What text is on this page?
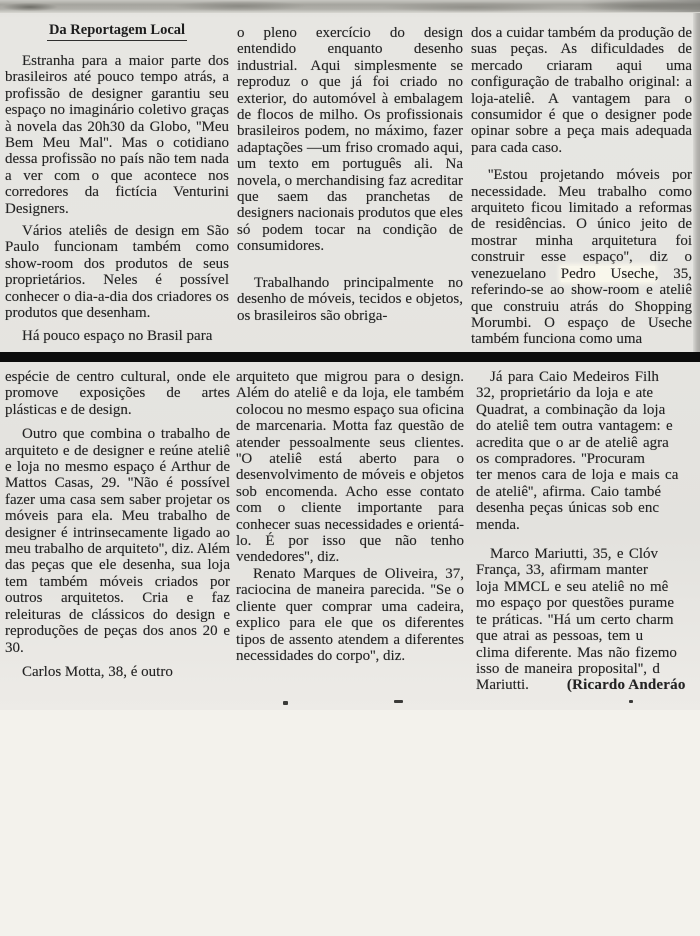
Da Reportagem Local

Estranha para a maior parte dos brasileiros até pouco tempo atrás, a profissão de designer garantiu seu espaço no imaginário coletivo graças à novela das 20h30 da Globo, ''Meu Bem Meu Mal''. Mas o cotidiano dessa profissão no país não tem nada a ver com o que acontece nos corredores da fictícia Venturini Designers.

Vários ateliês de design em São Paulo funcionam também como show-room dos produtos de seus proprietários. Neles é possível conhecer o dia-a-dia dos criadores os produtos que desenham.

Há pouco espaço no Brasil para

o pleno exercício do design entendido enquanto desenho industrial. Aqui simplesmente se reproduz o que já foi criado no exterior, do automóvel à embalagem de flocos de milho. Os profissionais brasileiros podem, no máximo, fazer adaptações —um friso cromado aqui, um texto em português ali. Na novela, o merchandising faz acreditar que saem das pranchetas de designers nacionais produtos que eles só podem tocar na condição de consumidores.

Trabalhando principalmente no desenho de móveis, tecidos e objetos, os brasileiros são obriga-

dos a cuidar também da produção de suas peças. As dificuldades de mercado criaram aqui uma configuração de trabalho original: a loja-ateliê. A vantagem para o consumidor é que o designer pode opinar sobre a peça mais adequada para cada caso.

''Estou projetando móveis por necessidade. Meu trabalho como arquiteto ficou limitado a reformas de residências. O único jeito de mostrar minha arquitetura foi construir esse espaço'', diz o venezuelano Pedro Useche, 35, referindo-se ao show-room e ateliê que construiu atrás do Shopping Morumbi. O espaço de Useche também funciona como uma

espécie de centro cultural, onde ele promove exposições de artes plásticas e de design.

Outro que combina o trabalho de arquiteto e de designer e reúne ateliê e loja no mesmo espaço é Arthur de Mattos Casas, 29. ''Não é possível fazer uma casa sem saber projetar os móveis para ela. Meu trabalho de designer é intrinsecamente ligado ao meu trabalho de arquiteto'', diz. Além das peças que ele desenha, sua loja tem também móveis criados por outros arquitetos. Cria e faz releituras de clássicos do design e reproduções de peças dos anos 20 e 30.

Carlos Motta, 38, é outro

arquiteto que migrou para o design. Além do ateliê e da loja, ele também colocou no mesmo espaço sua oficina de marcenaria. Motta faz questão de atender pessoalmente seus clientes. ''O ateliê está aberto para o desenvolvimento de móveis e objetos sob encomenda. Acho esse contato com o cliente importante para conhecer suas necessidades e orientá-lo. É por isso que não tenho vendedores'', diz.

Renato Marques de Oliveira, 37, raciocina de maneira parecida. ''Se o cliente quer comprar uma cadeira, explico para ele que os diferentes tipos de assento atendem a diferentes necessidades do corpo'', diz.

Já para Caio Medeiros Filh
32, proprietário da loja e ate
Quadrat, a combinação da loja
do ateliê tem outra vantagem: e
acredita que o ar de ateliê agra
os compradores. ''Procuram
ter menos cara de loja e mais ca
de ateliê'', afirma. Caio també
desenha peças únicas sob enc
menda.
Marco Mariutti, 35, e Clóv
França, 33, afirmam manter
loja MMCL e seu ateliê no mê
mo espaço por questões purame
te práticas. ''Há um certo charm
que atrai as pessoas, tem u
clima diferente. Mas não fizemo
isso de maneira proposital'', d
Mariutti.	(Ricardo Anderáo
